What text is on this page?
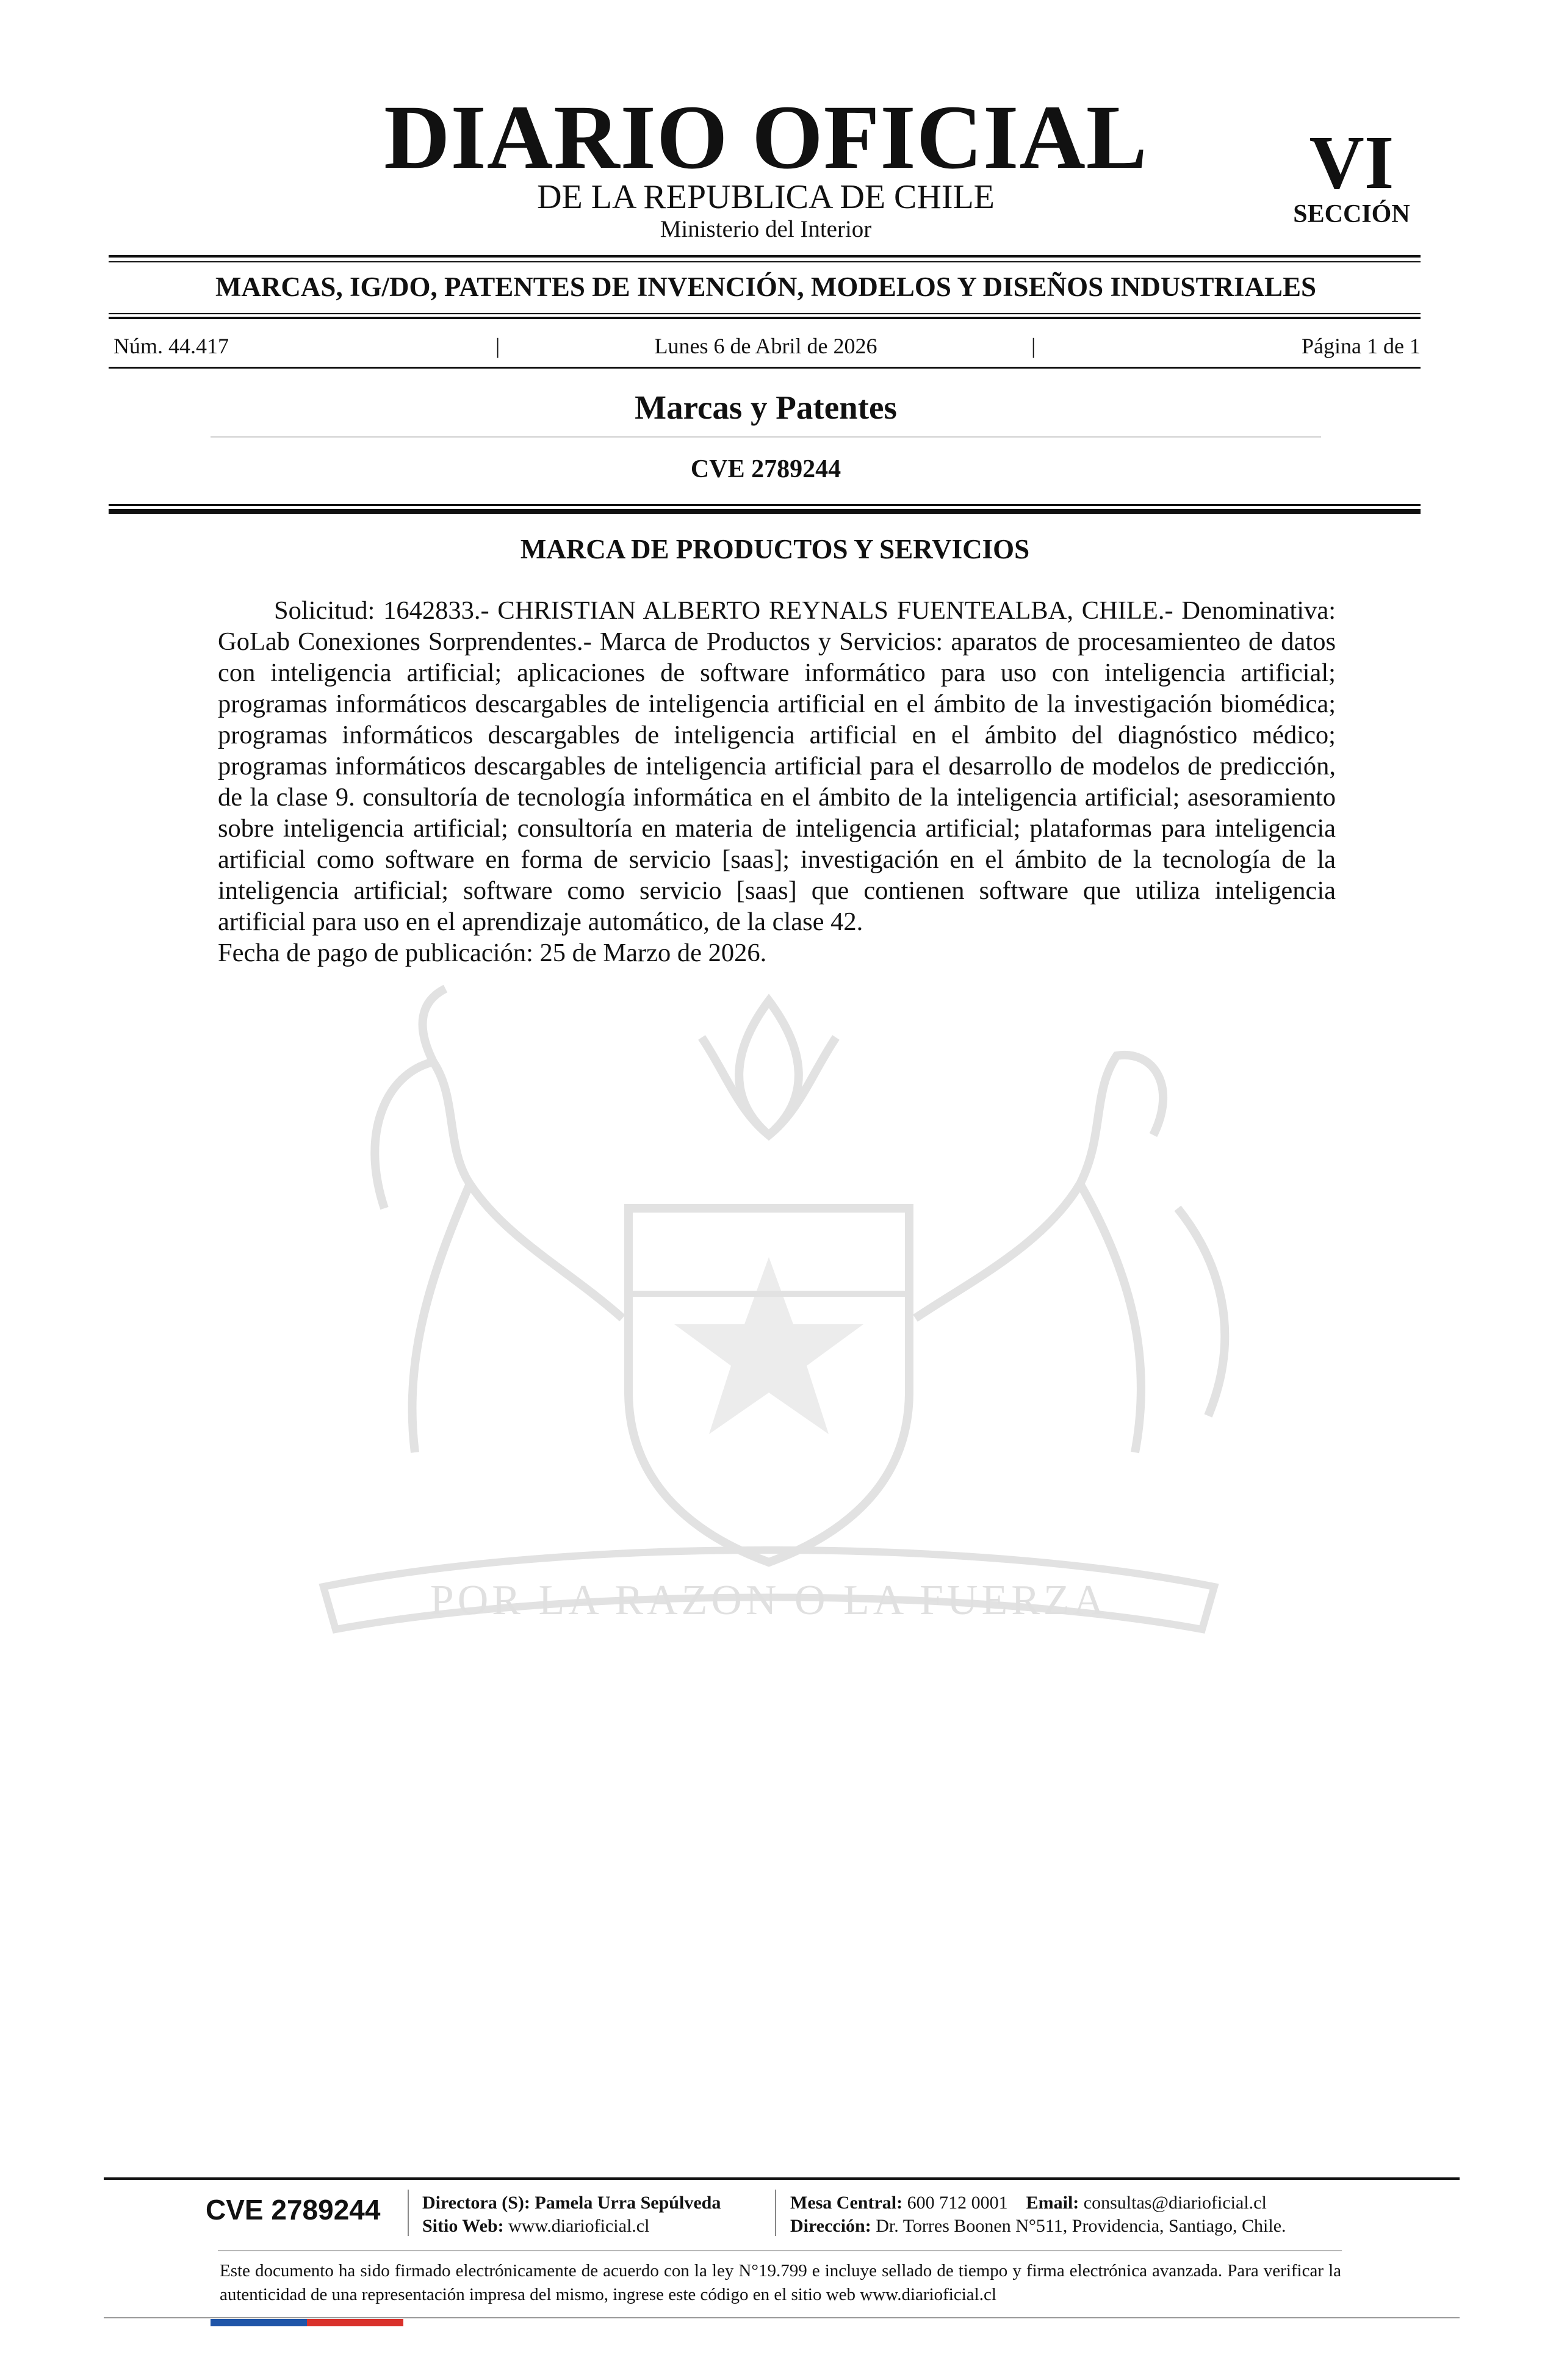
DIARIO OFICIAL
DE LA REPUBLICA DE CHILE
Ministerio del Interior
VI
SECCIÓN
MARCAS, IG/DO, PATENTES DE INVENCIÓN, MODELOS Y DISEÑOS INDUSTRIALES
Núm. 44.417	|	Lunes 6 de Abril de 2026	|	Página 1 de 1
Marcas y Patentes
CVE 2789244
POR LA RAZON O LA FUERZA
MARCA DE PRODUCTOS Y SERVICIOS

Solicitud: 1642833.- CHRISTIAN ALBERTO REYNALS FUENTEALBA, CHILE.- Denominativa: GoLab Conexiones Sorprendentes.- Marca de Productos y Servicios: aparatos de procesamienteo de datos con inteligencia artificial; aplicaciones de software informático para uso con inteligencia artificial; programas informáticos descargables de inteligencia artificial en el ámbito de la investigación biomédica; programas informáticos descargables de inteligencia artificial en el ámbito del diagnóstico médico; programas informáticos descargables de inteligencia artificial para el desarrollo de modelos de predicción, de la clase 9. consultoría de tecnología informática en el ámbito de la inteligencia artificial; asesoramiento sobre inteligencia artificial; consultoría en materia de inteligencia artificial; plataformas para inteligencia artificial como software en forma de servicio [saas]; investigación en el ámbito de la tecnología de la inteligencia artificial; software como servicio [saas] que contienen software que utiliza inteligencia artificial para uso en el aprendizaje automático, de la clase 42.

Fecha de pago de publicación: 25 de Marzo de 2026.

CVE 2789244 Directora (S): Pamela Urra Sepúlveda
Sitio Web: www.diarioficial.cl
Mesa Central: 600 712 0001 Email: consultas@diarioficial.cl
Dirección: Dr. Torres Boonen N°511, Providencia, Santiago, Chile.
Este documento ha sido firmado electrónicamente de acuerdo con la ley N°19.799 e incluye sellado de tiempo y firma electrónica avanzada. Para verificar la autenticidad de una representación impresa del mismo, ingrese este código en el sitio web www.diarioficial.cl
